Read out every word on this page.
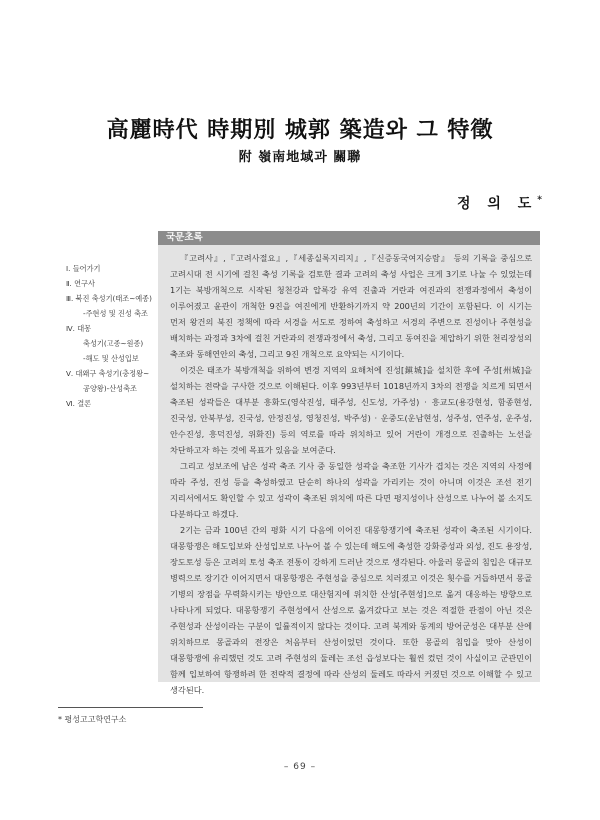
高麗時代 時期別 城郭 築造와 그 特徵
附 嶺南地域과 關聯
정 의 도*
국문초록
Ⅰ. 들어가기
Ⅱ. 연구사
Ⅲ. 북진 축성기(태조~예종)
-주현성 및 진성 축조
Ⅳ. 대몽
축성기(고종~원종)
-해도 및 산성입보
Ⅴ. 대왜구 축성기(충정왕~
공양왕)-산성축조
Ⅵ. 결론

『고려사』,『고려사절요』,『세종실록지리지』,『신증동국여지승람』 등의 기록을 중심으로 고려시대 전 시기에 걸친 축성 기록을 검토한 결과 고려의 축성 사업은 크게 3기로 나눌 수 있었는데 1기는 북방개척으로 시작된 청천강과 압록강 유역 진출과 거란과 여진과의 전쟁과정에서 축성이 이루어졌고 윤관이 개척한 9진을 여진에게 반환하기까지 약 200년의 기간이 포함된다. 이 시기는 먼저 왕건의 북진 정책에 따라 서경을 서도로 정하여 축성하고 서경의 주변으로 진성이나 주현성을 배치하는 과정과 3차에 걸친 거란과의 전쟁과정에서 축성, 그리고 동여진을 제압하기 위한 천리장성의 축조와 동해연안의 축성, 그리고 9진 개척으로 요약되는 시기이다.

이것은 태조가 북방개척을 위하여 변경 지역의 요해처에 진성[鎭城]을 설치한 후에 주성[州城]을 설치하는 전략을 구사한 것으로 이해된다. 이후 993년부터 1018년까지 3차의 전쟁을 치르게 되면서 축조된 성곽들은 대부분 흥화도(영삭진성, 태주성, 신도성, 가주성) · 흥교도(용강현성, 함종현성, 진국성, 안북부성, 진국성, 안정진성, 영청진성, 박주성) · 운중도(운남현성, 성주성, 연주성, 운주성, 안수진성, 흥덕진성, 위화진) 등의 역로를 따라 위치하고 있어 거란이 개경으로 진출하는 노선을 차단하고자 하는 것에 목표가 있음을 보여준다.

그리고 성보조에 남은 성곽 축조 기사 중 동일한 성곽을 축조한 기사가 겹치는 것은 지역의 사정에 따라 주성, 진성 등을 축성하였고 단순히 하나의 성곽을 가리키는 것이 아니며 이것은 조선 전기 지리서에서도 확인할 수 있고 성곽이 축조된 위치에 따른 다면 평지성이나 산성으로 나누어 볼 소지도 다분하다고 하겠다.

2기는 금과 100년 간의 평화 시기 다음에 이어진 대몽항쟁기에 축조된 성곽이 축조된 시기이다. 대몽항쟁은 해도입보와 산성입보로 나누어 볼 수 있는데 해도에 축성한 강화중성과 외성, 진도 용장성, 장도토성 등은 고려의 토성 축조 전통이 강하게 드러난 것으로 생각된다. 아울러 몽골의 침입은 대규모 병력으로 장기간 이어지면서 대몽항쟁은 주현성을 중심으로 치러졌고 이것은 횟수를 거듭하면서 몽골 기병의 장점을 무력화시키는 방안으로 대산험지에 위치한 산성[주현성]으로 옮겨 대응하는 방향으로 나타나게 되었다. 대몽항쟁기 주현성에서 산성으로 옮겨갔다고 보는 것은 적절한 관점이 아닌 것은 주현성과 산성이라는 구분이 일률적이지 않다는 것이다. 고려 북계와 동계의 방어군성은 대부분 산에 위치하므로 몽골과의 전장은 처음부터 산성이었던 것이다. 또한 몽골의 침입을 맞아 산성이 대몽항쟁에 유리했던 것도 고려 주현성의 둘레는 조선 읍성보다는 훨씬 컸던 것이 사실이고 군관민이 함께 입보하여 항쟁하려 한 전략적 결정에 따라 산성의 둘레도 따라서 커졌던 것으로 이해할 수 있고 생각된다.

* 평성고고학연구소
– 69 –
